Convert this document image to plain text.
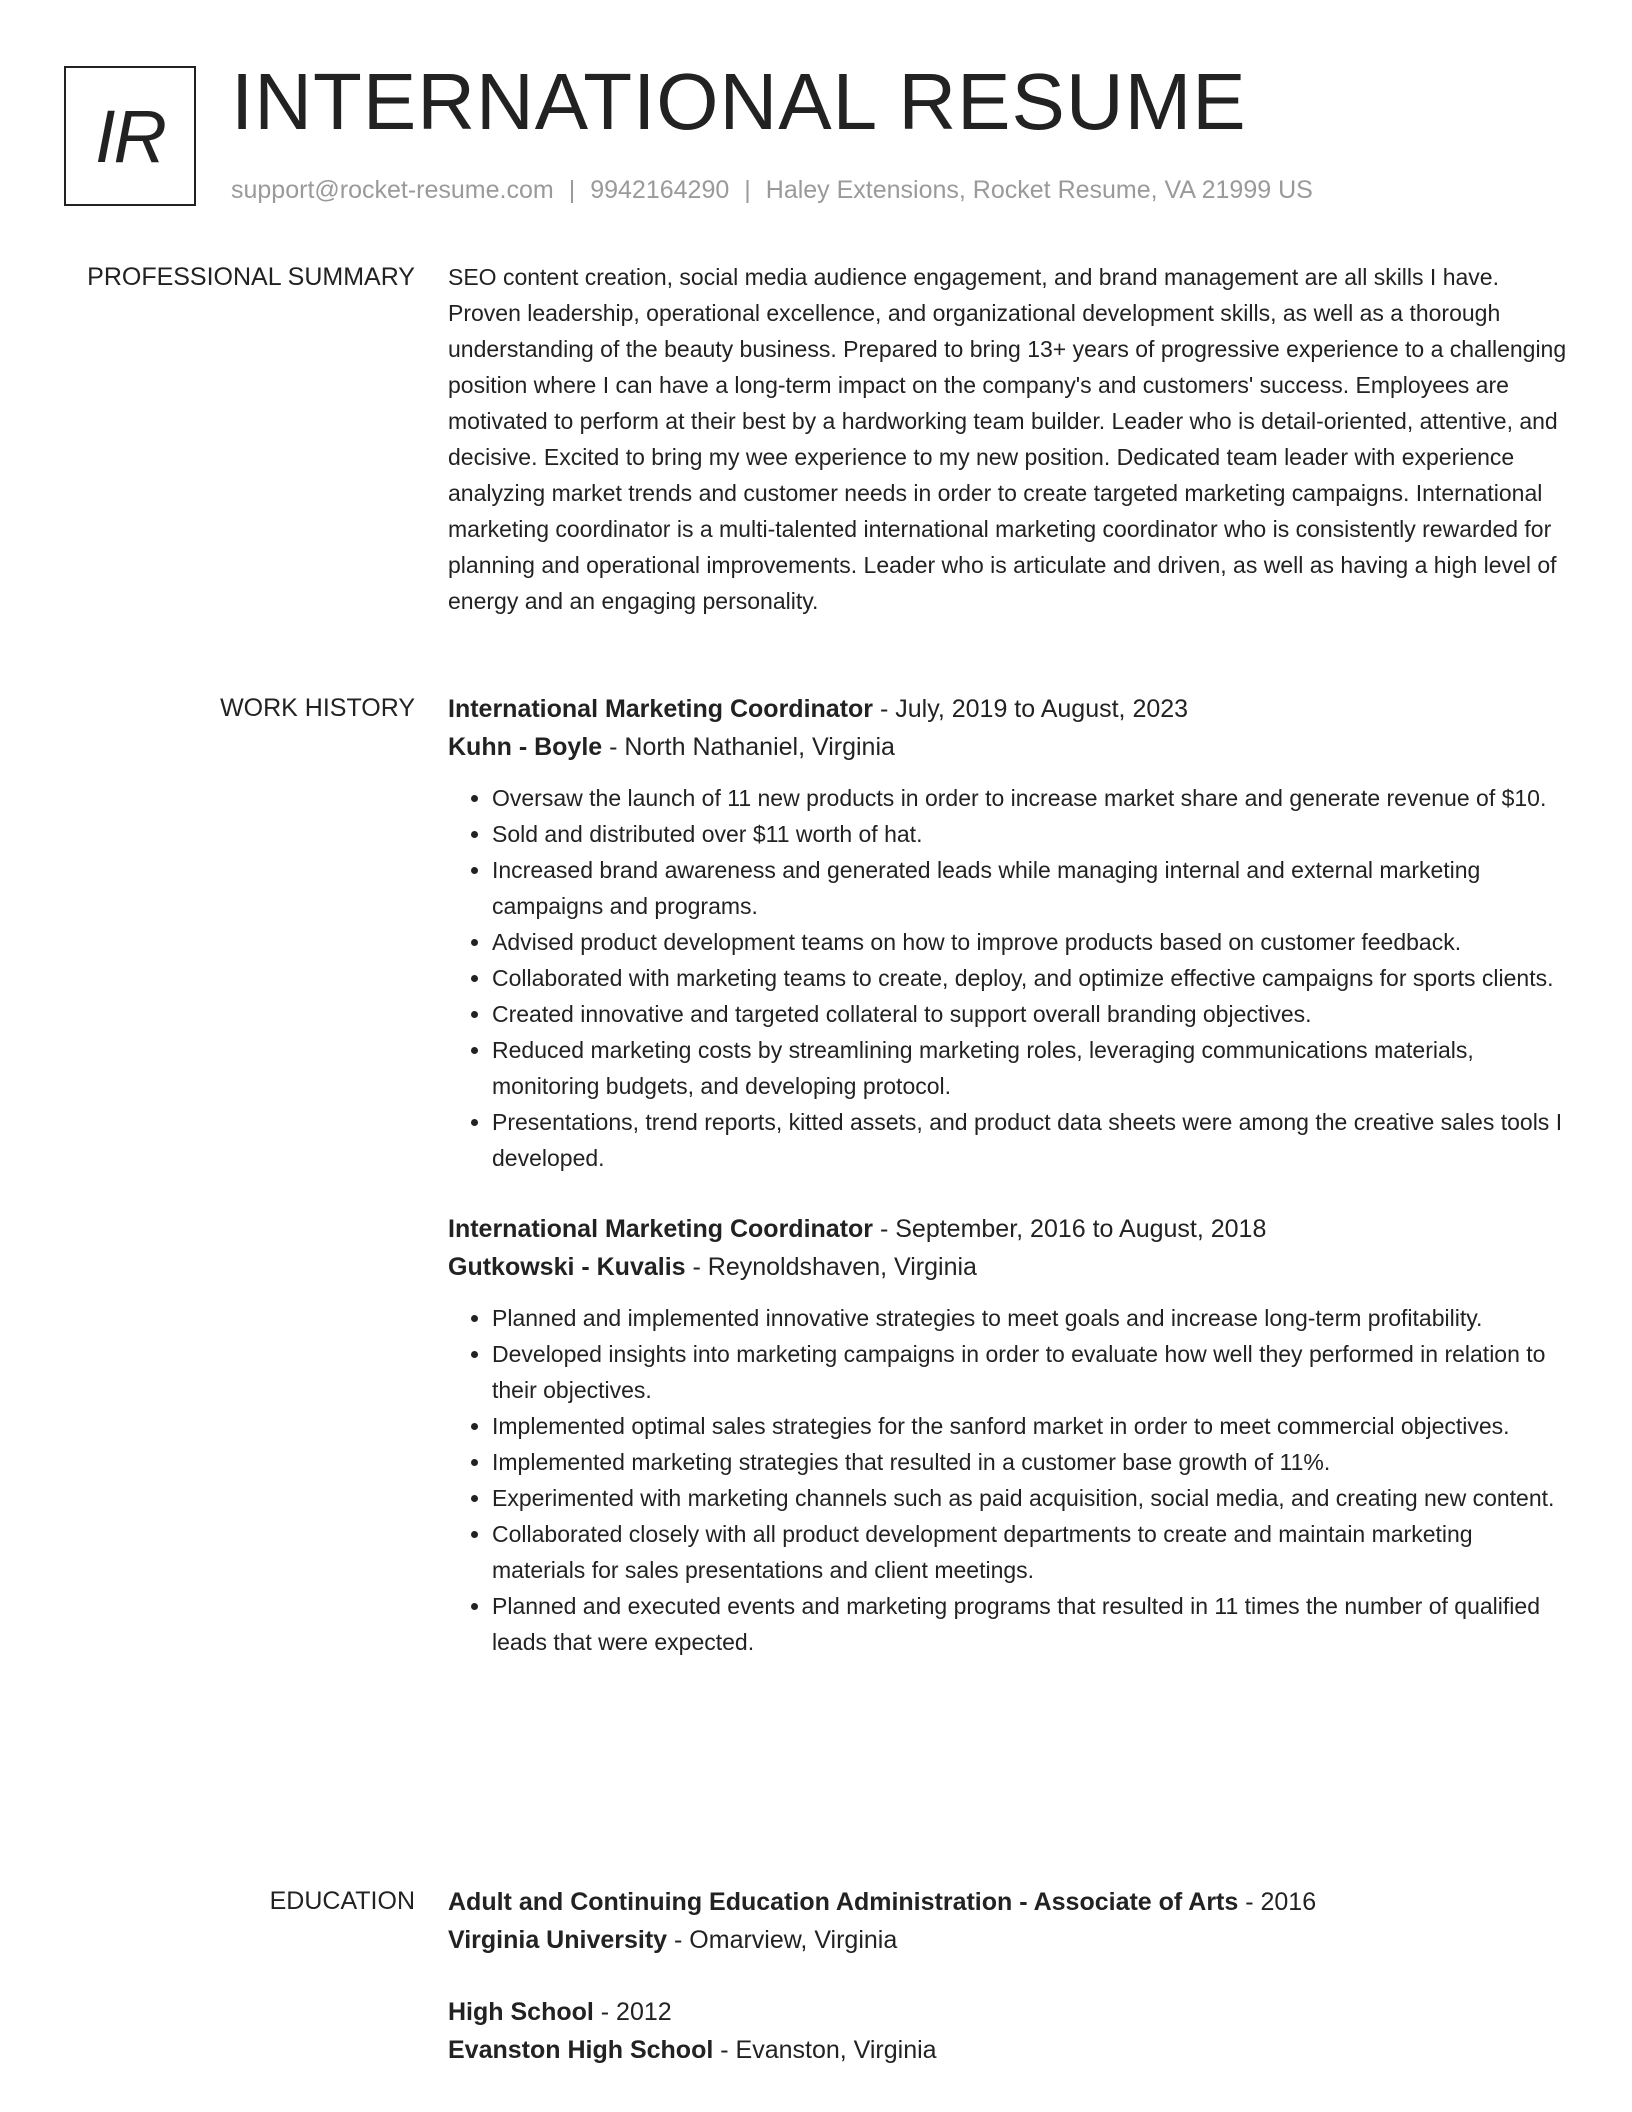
IR INTERNATIONAL RESUME
support@rocket-resume.com | 9942164290 | Haley Extensions, Rocket Resume, VA 21999 US
PROFESSIONAL SUMMARY SEO content creation, social media audience engagement, and brand management are all skills I have. Proven leadership, operational excellence, and organizational development skills, as well as a thorough understanding of the beauty business. Prepared to bring 13+ years of progressive experience to a challenging position where I can have a long-term impact on the company's and customers' success. Employees are motivated to perform at their best by a hardworking team builder. Leader who is detail-oriented, attentive, and decisive. Excited to bring my wee experience to my new position. Dedicated team leader with experience analyzing market trends and customer needs in order to create targeted marketing campaigns. International marketing coordinator is a multi-talented international marketing coordinator who is consistently rewarded for planning and operational improvements. Leader who is articulate and driven, as well as having a high level of energy and an engaging personality.

WORK HISTORY International Marketing Coordinator - July, 2019 to August, 2023

Kuhn - Boyle - North Nathaniel, Virginia

• Oversaw the launch of 11 new products in order to increase market share and generate revenue of $10.
• Sold and distributed over $11 worth of hat.
• Increased brand awareness and generated leads while managing internal and external marketing campaigns and programs.
• Advised product development teams on how to improve products based on customer feedback.
• Collaborated with marketing teams to create, deploy, and optimize effective campaigns for sports clients.
• Created innovative and targeted collateral to support overall branding objectives.
• Reduced marketing costs by streamlining marketing roles, leveraging communications materials, monitoring budgets, and developing protocol.
• Presentations, trend reports, kitted assets, and product data sheets were among the creative sales tools I developed.

International Marketing Coordinator - September, 2016 to August, 2018

Gutkowski - Kuvalis - Reynoldshaven, Virginia

• Planned and implemented innovative strategies to meet goals and increase long-term profitability.
• Developed insights into marketing campaigns in order to evaluate how well they performed in relation to their objectives.
• Implemented optimal sales strategies for the sanford market in order to meet commercial objectives.
• Implemented marketing strategies that resulted in a customer base growth of 11%.
• Experimented with marketing channels such as paid acquisition, social media, and creating new content.
• Collaborated closely with all product development departments to create and maintain marketing materials for sales presentations and client meetings.
• Planned and executed events and marketing programs that resulted in 11 times the number of qualified leads that were expected.
EDUCATION Adult and Continuing Education Administration - Associate of Arts - 2016

Virginia University - Omarview, Virginia

High School - 2012

Evanston High School - Evanston, Virginia
